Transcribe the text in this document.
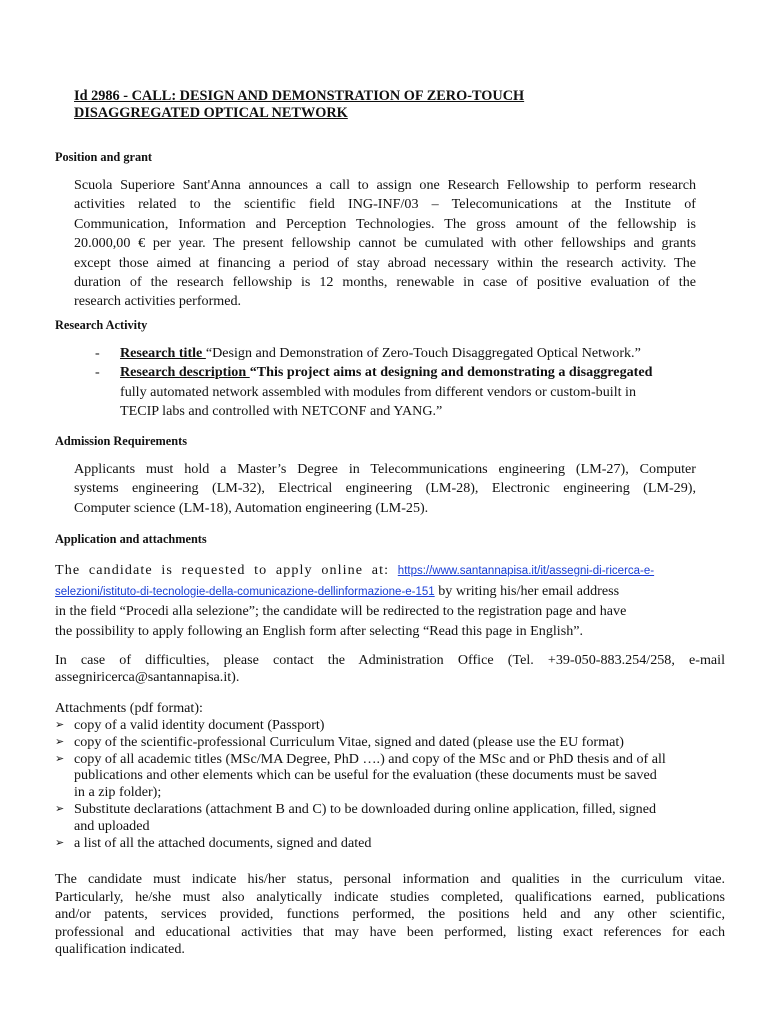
Id 2986 - CALL: DESIGN AND DEMONSTRATION OF ZERO-TOUCH
DISAGGREGATED OPTICAL NETWORK
Position and grant
Scuola Superiore Sant'Anna announces a call to assign one Research Fellowship to perform research
activities related to the scientific field ING-INF/03 – Telecomunications at the Institute of
Communication, Information and Perception Technologies. The gross amount of the fellowship is
20.000,00 € per year. The present fellowship cannot be cumulated with other fellowships and grants
except those aimed at financing a period of stay abroad necessary within the research activity. The
duration of the research fellowship is 12 months, renewable in case of positive evaluation of the
research activities performed.
Research Activity
- Research title “Design and Demonstration of Zero-Touch Disaggregated Optical Network.”
- Research description “This project aims at designing and demonstrating a disaggregated
fully automated network assembled with modules from different vendors or custom-built in
TECIP labs and controlled with NETCONF and YANG.”
Admission Requirements
Applicants must hold a Master’s Degree in Telecommunications engineering (LM-27), Computer
systems engineering (LM-32), Electrical engineering (LM-28), Electronic engineering (LM-29),
Computer science (LM-18), Automation engineering (LM-25).
Application and attachments
The candidate is requested to apply online at: https://www.santannapisa.it/it/assegni-di-ricerca-e-
selezioni/istituto-di-tecnologie-della-comunicazione-dellinformazione-e-151 by writing his/her email address
in the field “Procedi alla selezione”; the candidate will be redirected to the registration page and have
the possibility to apply following an English form after selecting “Read this page in English”.
In case of difficulties, please contact the Administration Office (Tel. +39-050-883.254/258, e-mail
assegniricerca@santannapisa.it).
Attachments (pdf format):
➢ copy of a valid identity document (Passport)
➢ copy of the scientific-professional Curriculum Vitae, signed and dated (please use the EU format)
➢ copy of all academic titles (MSc/MA Degree, PhD ….) and copy of the MSc and or PhD thesis and of all
publications and other elements which can be useful for the evaluation (these documents must be saved
in a zip folder);
➢ Substitute declarations (attachment B and C) to be downloaded during online application, filled, signed
and uploaded
➢ a list of all the attached documents, signed and dated
The candidate must indicate his/her status, personal information and qualities in the curriculum vitae.
Particularly, he/she must also analytically indicate studies completed, qualifications earned, publications
and/or patents, services provided, functions performed, the positions held and any other scientific,
professional and educational activities that may have been performed, listing exact references for each
qualification indicated.
